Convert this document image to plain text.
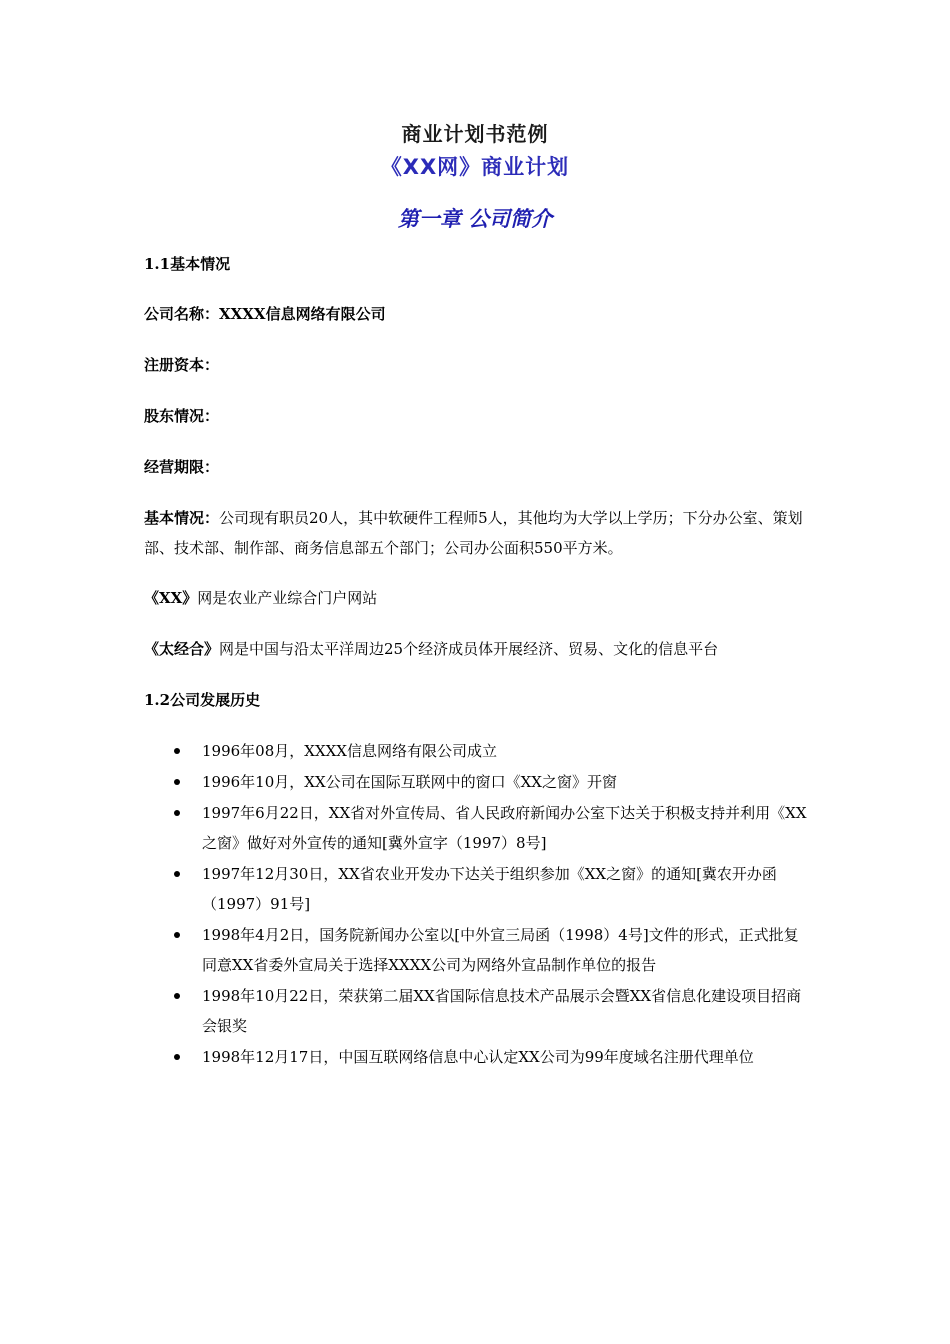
商业计划书范例
《XX网》商业计划
第一章 公司简介
1.1基本情况
公司名称：XXXX信息网络有限公司
注册资本：
股东情况：
经营期限：
基本情况：公司现有职员20人，其中软硬件工程师5人，其他均为大学以上学历；下分办公室、策划部、技术部、制作部、商务信息部五个部门；公司办公面积550平方米。
《XX》网是农业产业综合门户网站
《太经合》网是中国与沿太平洋周边25个经济成员体开展经济、贸易、文化的信息平台
1.2公司发展历史
1996年08月，XXXX信息网络有限公司成立
1996年10月，XX公司在国际互联网中的窗口《XX之窗》开窗
1997年6月22日，XX省对外宣传局、省人民政府新闻办公室下达关于积极支持并利用《XX之窗》做好对外宣传的通知[冀外宣字（1997）8号]
1997年12月30日，XX省农业开发办下达关于组织参加《XX之窗》的通知[冀农开办函（1997）91号]
1998年4月2日，国务院新闻办公室以[中外宣三局函（1998）4号]文件的形式，正式批复同意XX省委外宣局关于选择XXXX公司为网络外宣品制作单位的报告
1998年10月22日，荣获第二届XX省国际信息技术产品展示会暨XX省信息化建设项目招商会银奖
1998年12月17日，中国互联网络信息中心认定XX公司为99年度域名注册代理单位
